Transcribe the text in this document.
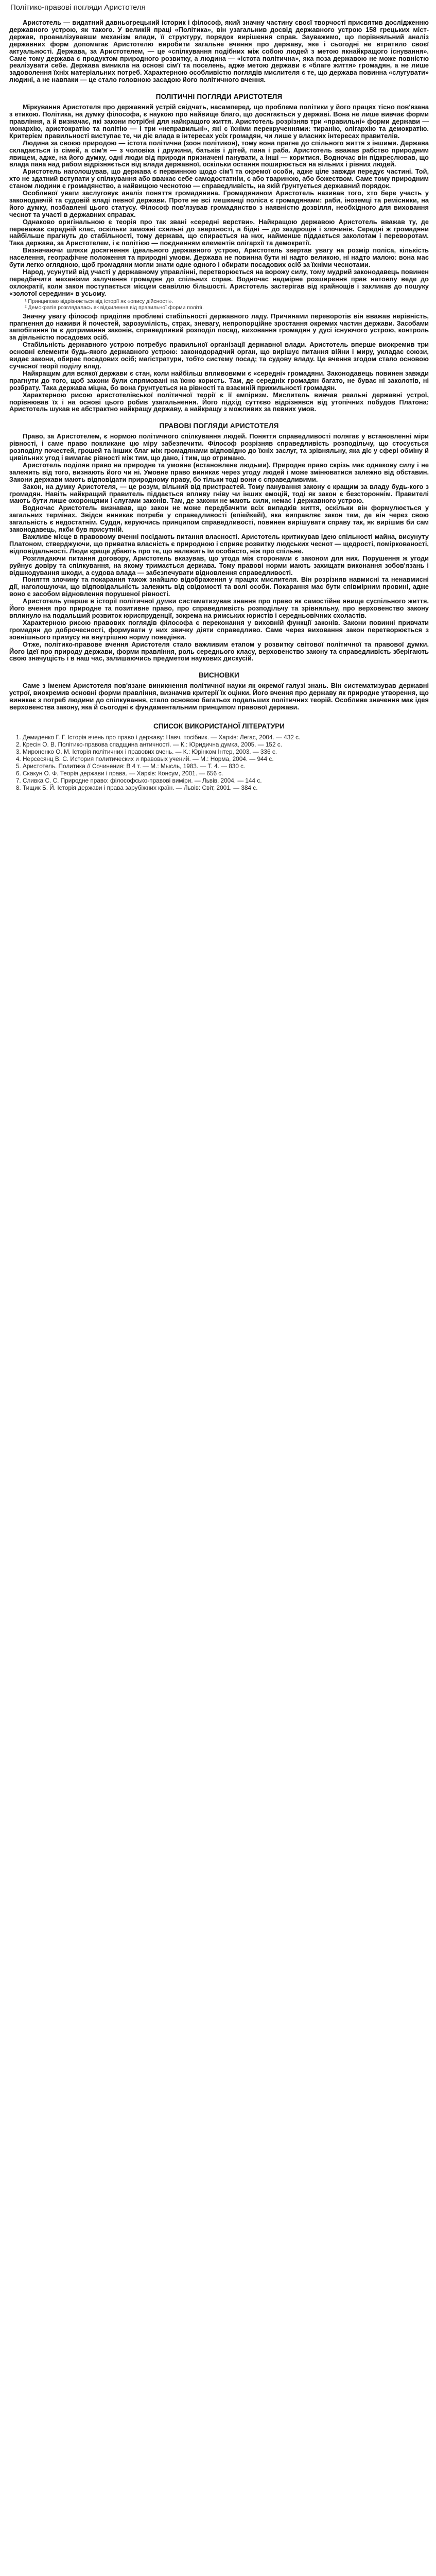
Політико-правові погляди Аристотеля

Аристотель — видатний давньогрецький історик і філософ, який значну частину своєї творчості присвятив дослідженню державного устрою, як такого. У великій праці «Політика», він узагальнив досвід державного устрою 158 грецьких міст-держав, проаналізувавши механізм влади, її структуру, порядок вирішення справ. Зауважимо, що порівняльний аналіз державних форм допомагає Аристотелю виробити загальне вчення про державу, яке і сьогодні не втратило своєї актуальності. Держава, за Аристотелем, — це «спілкування подібних між собою людей з метою якнайкращого існування». Саме тому держава є продуктом природного розвитку, а людина — «істота політична», яка поза державою не може повністю реалізувати себе. Держава виникла на основі сім'ї та поселень, адже метою держави є «благе життя» громадян, а не лише задоволення їхніх матеріальних потреб. Характерною особливістю поглядів мислителя є те, що держава повинна «слугувати» людині, а не навпаки — це стало головною засадою його політичного вчення.

ПОЛІТИЧНІ ПОГЛЯДИ АРИСТОТЕЛЯ

Міркування Аристотеля про державний устрій свідчать, насамперед, що проблема політики у його працях тісно пов'язана з етикою. Політика, на думку філософа, є наукою про найвище благо, що досягається у державі. Вона не лише вивчає форми правління, а й визначає, які закони потрібні для найкращого життя. Аристотель розрізняв три «правильні» форми держави — монархію, аристократію та політію — і три «неправильні», які є їхніми перекрученнями: тиранію, олігархію та демократію. Критерієм правильності виступає те, чи діє влада в інтересах усіх громадян, чи лише у власних інтересах правителів.

Людина за своєю природою — істота політична (зоон політикон), тому вона прагне до спільного життя з іншими. Держава складається із сімей, а сім'я — з чоловіка і дружини, батьків і дітей, пана і раба. Аристотель вважав рабство природним явищем, адже, на його думку, одні люди від природи призначені панувати, а інші — коритися. Водночас він підкреслював, що влада пана над рабом відрізняється від влади державної, оскільки остання поширюється на вільних і рівних людей.

Аристотель наголошував, що держава є первинною щодо сім'ї та окремої особи, адже ціле завжди передує частині. Той, хто не здатний вступати у спілкування або вважає себе самодостатнім, є або твариною, або божеством. Саме тому природним станом людини є громадянство, а найвищою чеснотою — справедливість, на якій ґрунтується державний порядок.

Особливої уваги заслуговує аналіз поняття громадянина. Громадянином Аристотель називав того, хто бере участь у законодавчій та судовій владі певної держави. Проте не всі мешканці поліса є громадянами: раби, іноземці та ремісники, на його думку, позбавлені цього статусу. Філософ пов'язував громадянство з наявністю дозвілля, необхідного для виховання чеснот та участі в державних справах.

Однаково оригінальною є теорія про так звані «середні верстви». Найкращою державою Аристотель вважав ту, де переважає середній клас, оскільки заможні схильні до зверхності, а бідні — до заздрощів і злочинів. Середні ж громадяни найбільше прагнуть до стабільності, тому держава, що спирається на них, найменше піддається заколотам і переворотам. Така держава, за Аристотелем, і є політією — поєднанням елементів олігархії та демократії.

Визначаючи шляхи досягнення ідеального державного устрою, Аристотель звертав увагу на розмір поліса, кількість населення, географічне положення та природні умови. Держава не повинна бути ні надто великою, ні надто малою: вона має бути легко оглядною, щоб громадяни могли знати одне одного і обирати посадових осіб за їхніми чеснотами.

Народ, усунутий від участі у державному управлінні, перетворюється на ворожу силу, тому мудрий законодавець повинен передбачити механізми залучення громадян до спільних справ. Водночас надмірне розширення прав натовпу веде до охлократії, коли закон поступається місцем свавіллю більшості. Аристотель застерігав від крайнощів і закликав до пошуку «золотої середини» в усьому.

¹ Принципово відрізняється від історії як «опису дійсності».
² Демократія розглядалась як відхилення від правильної форми політії.

Значну увагу філософ приділяв проблемі стабільності державного ладу. Причинами переворотів він вважав нерівність, прагнення до наживи й почестей, зарозумілість, страх, зневагу, непропорційне зростання окремих частин держави. Засобами запобігання їм є дотримання законів, справедливий розподіл посад, виховання громадян у дусі існуючого устрою, контроль за діяльністю посадових осіб.

Стабільність державного устрою потребує правильної організації державної влади. Аристотель вперше виокремив три основні елементи будь-якого державного устрою: законодорадчий орган, що вирішує питання війни і миру, укладає союзи, видає закони, обирає посадових осіб; магістратури, тобто систему посад; та судову владу. Це вчення згодом стало основою сучасної теорії поділу влад.

Найкращим для всякої держави є стан, коли найбільш впливовими є «середні» громадяни. Законодавець повинен завжди прагнути до того, щоб закони були спрямовані на їхню користь. Там, де середніх громадян багато, не буває ні заколотів, ні розбрату. Така держава міцна, бо вона ґрунтується на рівності та взаємній прихильності громадян.

Характерною рисою аристотелівської політичної теорії є її емпіризм. Мислитель вивчав реальні державні устрої, порівнював їх і на основі цього робив узагальнення. Його підхід суттєво відрізнявся від утопічних побудов Платона: Аристотель шукав не абстрактно найкращу державу, а найкращу з можливих за певних умов.

ПРАВОВІ ПОГЛЯДИ АРИСТОТЕЛЯ

Право, за Аристотелем, є нормою політичного спілкування людей. Поняття справедливості полягає у встановленні міри рівності, і саме право покликане цю міру забезпечити. Філософ розрізняв справедливість розподільчу, що стосується розподілу почестей, грошей та інших благ між громадянами відповідно до їхніх заслуг, та зрівняльну, яка діє у сфері обміну й цивільних угод і вимагає рівності між тим, що дано, і тим, що отримано.

Аристотель поділяв право на природне та умовне (встановлене людьми). Природне право скрізь має однакову силу і не залежить від того, визнають його чи ні. Умовне право виникає через угоду людей і може змінюватися залежно від обставин. Закони держави мають відповідати природному праву, бо тільки тоді вони є справедливими.

Закон, на думку Аристотеля, — це розум, вільний від пристрастей. Тому панування закону є кращим за владу будь-кого з громадян. Навіть найкращий правитель піддається впливу гніву чи інших емоцій, тоді як закон є безстороннім. Правителі мають бути лише охоронцями і слугами законів. Там, де закони не мають сили, немає і державного устрою.

Водночас Аристотель визнавав, що закон не може передбачити всіх випадків життя, оскільки він формулюється у загальних термінах. Звідси виникає потреба у справедливості (епіейкейї), яка виправляє закон там, де він через свою загальність є недостатнім. Суддя, керуючись принципом справедливості, повинен вирішувати справу так, як вирішив би сам законодавець, якби був присутній.

Важливе місце в правовому вченні посідають питання власності. Аристотель критикував ідею спільності майна, висунуту Платоном, стверджуючи, що приватна власність є природною і сприяє розвитку людських чеснот — щедрості, поміркованості, відповідальності. Люди краще дбають про те, що належить їм особисто, ніж про спільне.

Розглядаючи питання договору, Аристотель вказував, що угода між сторонами є законом для них. Порушення ж угоди руйнує довіру та спілкування, на якому тримається держава. Тому правові норми мають захищати виконання зобов'язань і відшкодування шкоди, а судова влада — забезпечувати відновлення справедливості.

Поняття злочину та покарання також знайшло відображення у працях мислителя. Він розрізняв навмисні та ненавмисні дії, наголошуючи, що відповідальність залежить від свідомості та волі особи. Покарання має бути співмірним провині, адже воно є засобом відновлення порушеної рівності.

Аристотель уперше в історії політичної думки систематизував знання про право як самостійне явище суспільного життя. Його вчення про природне та позитивне право, про справедливість розподільчу та зрівняльну, про верховенство закону вплинуло на подальший розвиток юриспруденції, зокрема на римських юристів і середньовічних схоластів.

Характерною рисою правових поглядів філософа є переконання у виховній функції законів. Закони повинні привчати громадян до доброчесності, формувати у них звичку діяти справедливо. Саме через виховання закон перетворюється з зовнішнього примусу на внутрішню норму поведінки.

Отже, політико-правове вчення Аристотеля стало важливим етапом у розвитку світової політичної та правової думки. Його ідеї про природу держави, форми правління, роль середнього класу, верховенство закону та справедливість зберігають свою значущість і в наш час, залишаючись предметом наукових дискусій.

ВИСНОВКИ

Саме з іменем Аристотеля пов'язане виникнення політичної науки як окремої галузі знань. Він систематизував державні устрої, виокремив основні форми правління, визначив критерії їх оцінки. Його вчення про державу як природне утворення, що виникає з потреб людини до спілкування, стало основою багатьох подальших політичних теорій. Особливе значення має ідея верховенства закону, яка й сьогодні є фундаментальним принципом правової держави.

СПИСОК ВИКОРИСТАНОЇ ЛІТЕРАТУРИ
1. Демиденко Г. Г. Історія вчень про право і державу: Навч. посібник. — Харків: Легас, 2004. — 432 с.
2. Кресін О. В. Політико-правова спадщина античності. — К.: Юридична думка, 2005. — 152 с.
3. Мироненко О. М. Історія політичних і правових вчень. — К.: Юрінком Інтер, 2003. — 336 с.
4. Нерсесянц В. С. История политических и правовых учений. — М.: Норма, 2004. — 944 с.
5. Аристотель. Политика // Сочинения: В 4 т. — М.: Мысль, 1983. — Т. 4. — 830 с.
6. Скакун О. Ф. Теорія держави і права. — Харків: Консум, 2001. — 656 с.
7. Сливка С. С. Природне право: філософсько-правові виміри. — Львів, 2004. — 144 с.
8. Тищик Б. Й. Історія держави і права зарубіжних країн. — Львів: Світ, 2001. — 384 с.
